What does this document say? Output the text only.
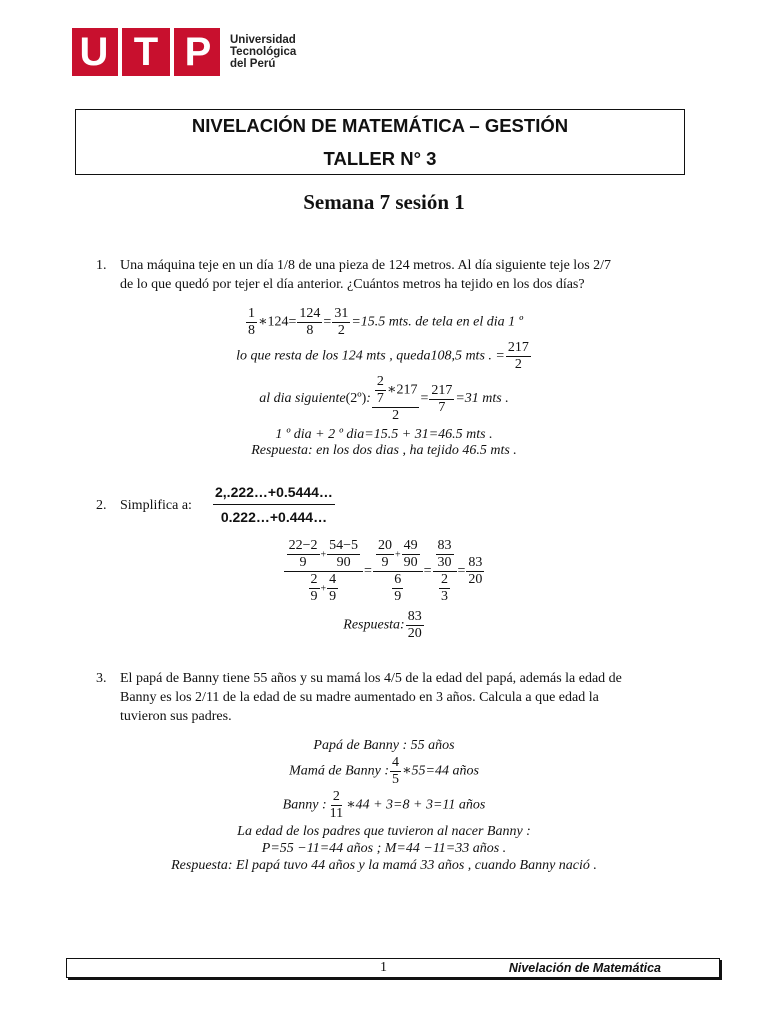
U T P	Universidad
Tecnológica
del Perú
NIVELACIÓN DE MATEMÁTICA – GESTIÓN
TALLER N° 3
Semana 7 sesión 1
1. Una máquina teje en un día 1/8 de una pieza de 124 metros. Al día siguiente teje los 2/7
de lo que quedó por tejer el día anterior. ¿Cuántos metros ha tejido en los dos días?
$\frac{1}{8}$ ∗124= $\frac{124}{8} = \frac{31}{2} =15.5$ mts. de tela en el dia 1 º
lo que resta de los 124 mts , queda108,5 mts . = $\frac{217}{2}$
al dia siguiente(2º): $\frac{\frac{2}{7} ∗217}{2} = \frac{217}{7} =31$ mts .
1 º dia + 2 º dia=15.5 + 31=46.5 mts .
Respuesta: en los dos dias , ha tejido 46.5 mts .
2. Simplifica a: $\frac{2,.222\dots+0.5444\dots}{0.222\dots+0.444\dots}$
$\frac{\frac{22-2}{9} + \frac{54-5}{90}}{\frac{2}{9} + \frac{4}{9}} = \frac{\frac{20}{9} + \frac{49}{90}}{\frac{6}{9}} = \frac{\frac{83}{30}}{\frac{2}{3}} = \frac{83}{20}$
Respuesta: $\frac{83}{20}$
3. El papá de Banny tiene 55 años y su mamá los 4/5 de la edad del papá, además la edad de
Banny es los 2/11 de la edad de su madre aumentado en 3 años. Calcula a que edad la
tuvieron sus padres.
Papá de Banny : 55 años
Mamá de Banny : $\frac{4}{5}$ ∗55=44 años
Banny : $\frac{2}{11}$ ∗44 + 3=8 + 3=11 años
La edad de los padres que tuvieron al nacer Banny :
P=55 −11=44 años ; M=44 −11=33 años .
Respuesta: El papá tuvo 44 años y la mamá 33 años , cuando Banny nació .
1	Nivelación de Matemática
